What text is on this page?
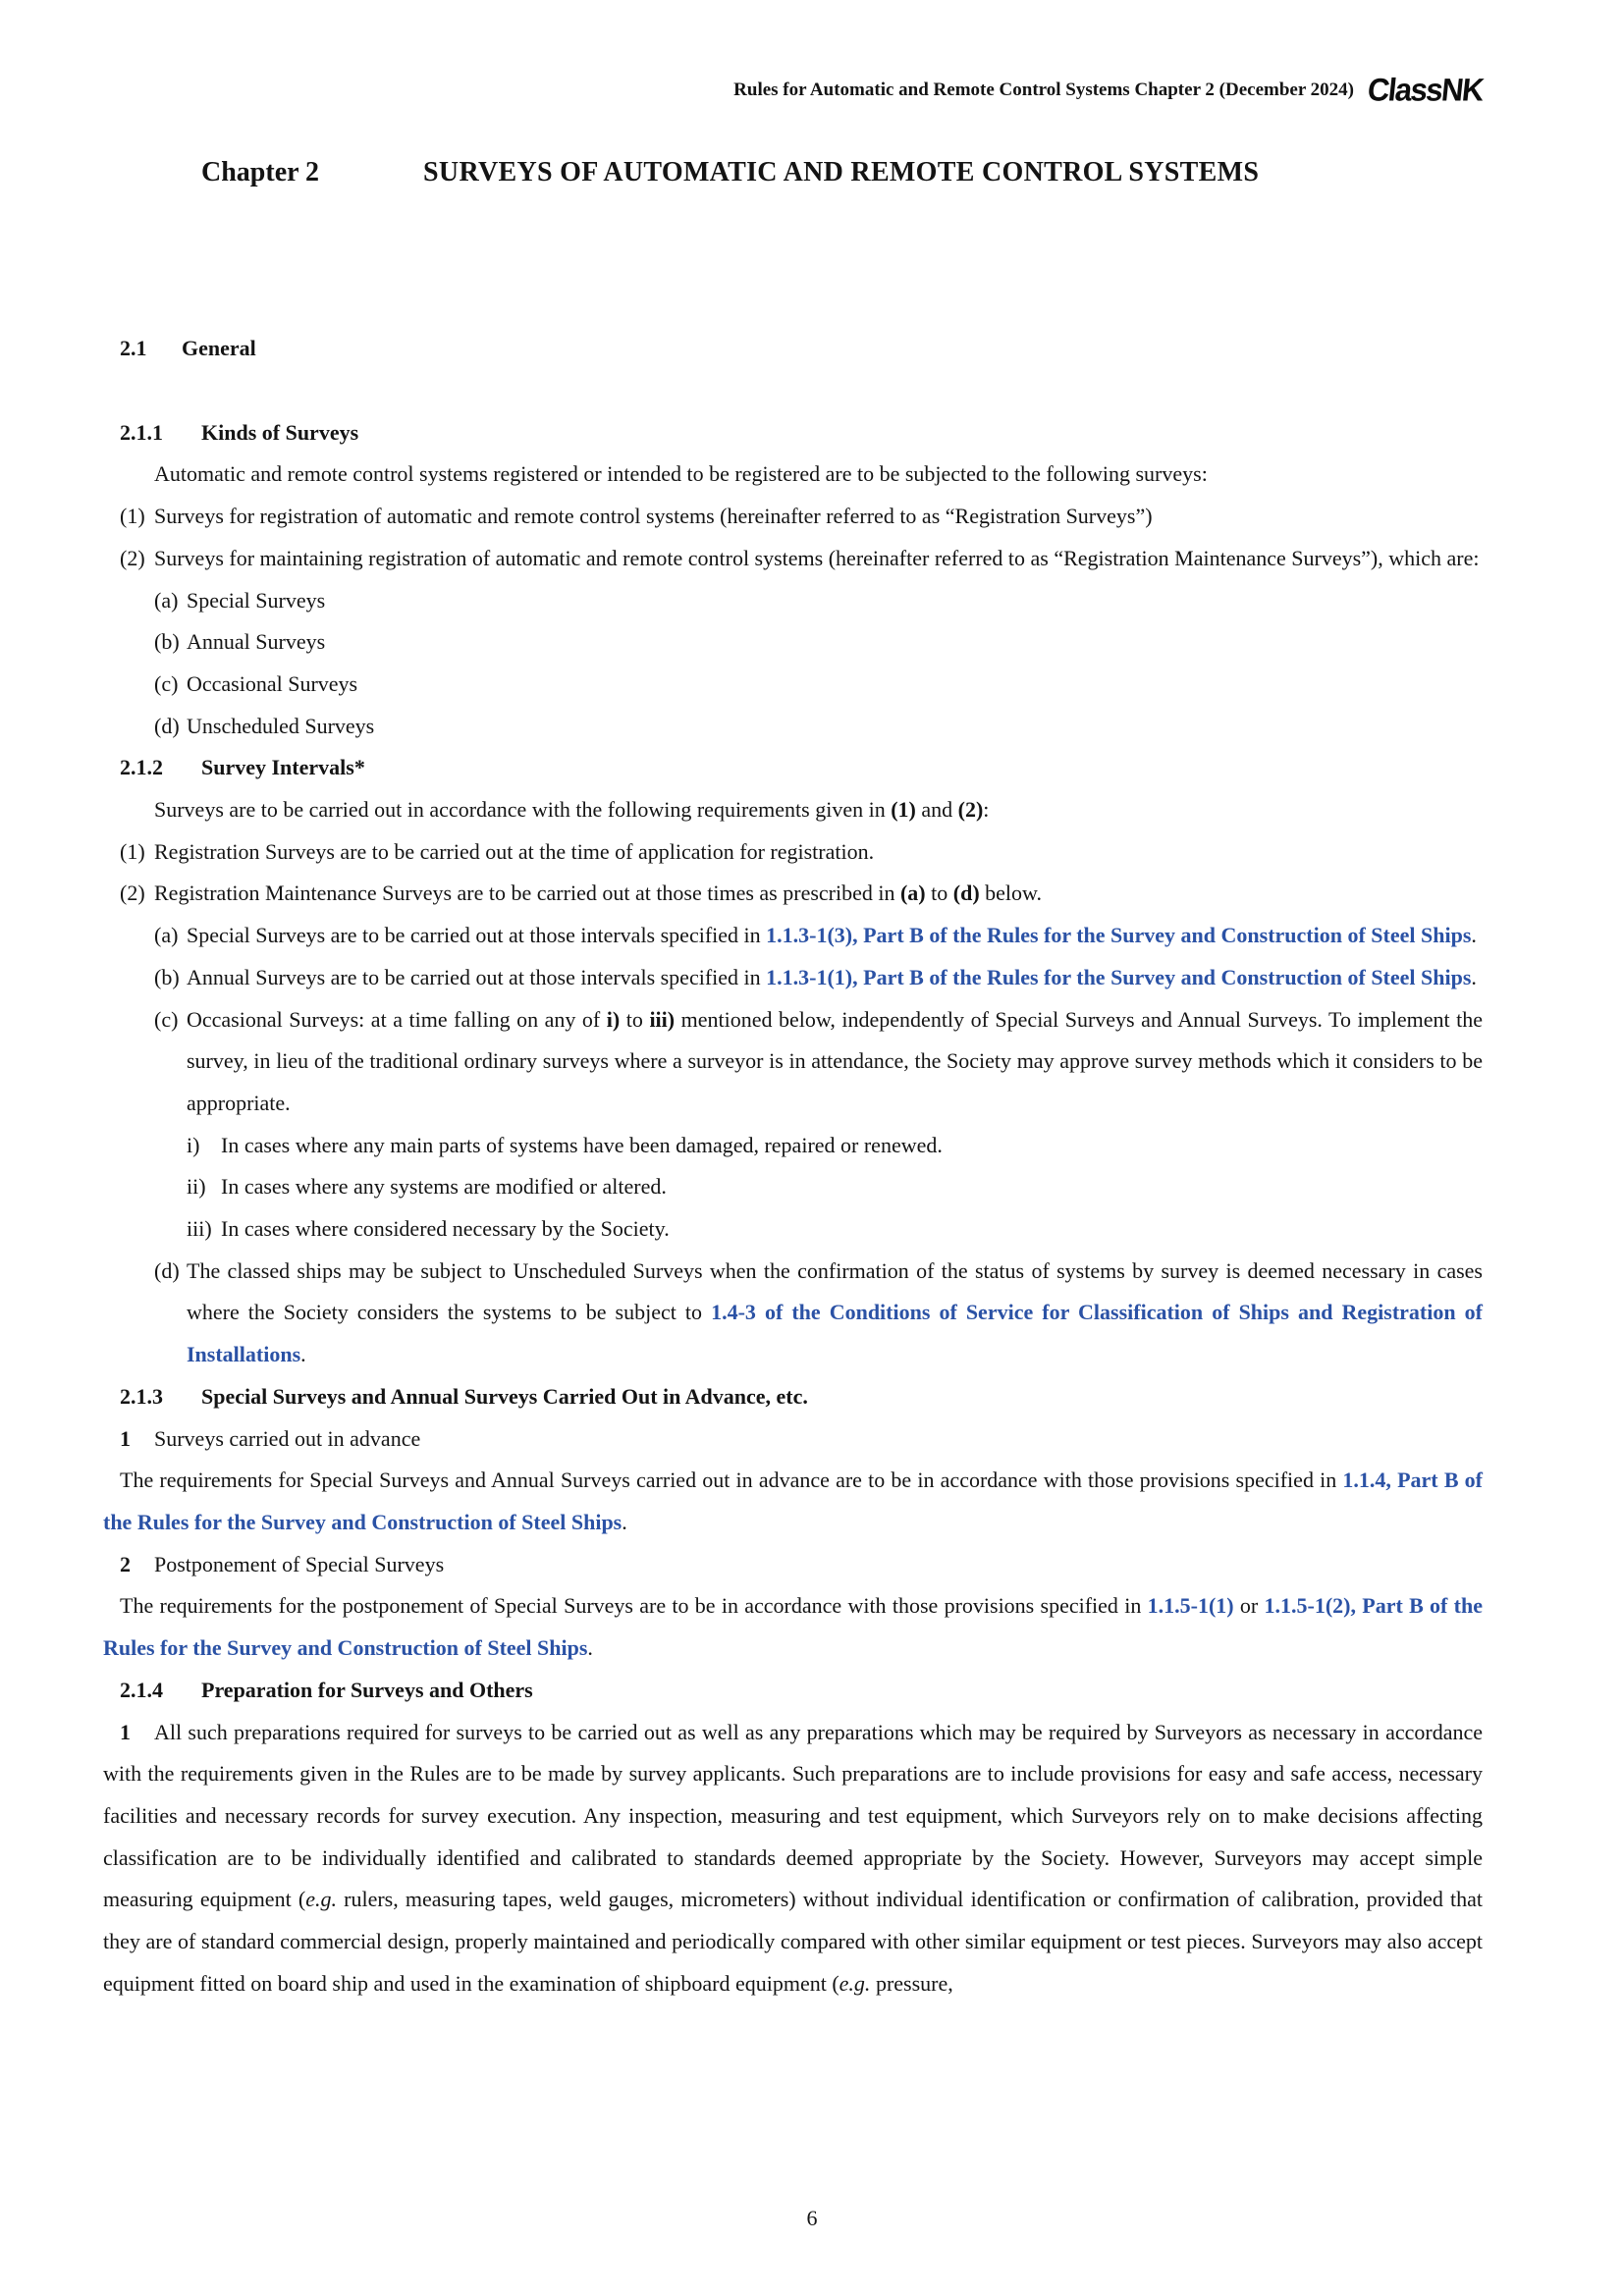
Rules for Automatic and Remote Control Systems Chapter 2 (December 2024) ClassNK
Chapter 2	SURVEYS OF AUTOMATIC AND REMOTE CONTROL SYSTEMS
2.1 General
2.1.1 Kinds of Surveys
Automatic and remote control systems registered or intended to be registered are to be subjected to the following surveys:
(1) Surveys for registration of automatic and remote control systems (hereinafter referred to as “Registration Surveys”)
(2) Surveys for maintaining registration of automatic and remote control systems (hereinafter referred to as “Registration Maintenance Surveys”), which are:
(a) Special Surveys
(b) Annual Surveys
(c) Occasional Surveys
(d) Unscheduled Surveys
2.1.2 Survey Intervals*
Surveys are to be carried out in accordance with the following requirements given in (1) and (2):
(1) Registration Surveys are to be carried out at the time of application for registration.
(2) Registration Maintenance Surveys are to be carried out at those times as prescribed in (a) to (d) below.
(a) Special Surveys are to be carried out at those intervals specified in 1.1.3-1(3), Part B of the Rules for the Survey and Construction of Steel Ships.
(b) Annual Surveys are to be carried out at those intervals specified in 1.1.3-1(1), Part B of the Rules for the Survey and Construction of Steel Ships.
(c) Occasional Surveys: at a time falling on any of i) to iii) mentioned below, independently of Special Surveys and Annual Surveys. To implement the survey, in lieu of the traditional ordinary surveys where a surveyor is in attendance, the Society may approve survey methods which it considers to be appropriate.
i) In cases where any main parts of systems have been damaged, repaired or renewed.
ii) In cases where any systems are modified or altered.
iii) In cases where considered necessary by the Society.
(d) The classed ships may be subject to Unscheduled Surveys when the confirmation of the status of systems by survey is deemed necessary in cases where the Society considers the systems to be subject to 1.4-3 of the Conditions of Service for Classification of Ships and Registration of Installations.
2.1.3 Special Surveys and Annual Surveys Carried Out in Advance, etc.
1 Surveys carried out in advance
The requirements for Special Surveys and Annual Surveys carried out in advance are to be in accordance with those provisions specified in 1.1.4, Part B of the Rules for the Survey and Construction of Steel Ships.
2 Postponement of Special Surveys
The requirements for the postponement of Special Surveys are to be in accordance with those provisions specified in 1.1.5-1(1) or 1.1.5-1(2), Part B of the Rules for the Survey and Construction of Steel Ships.
2.1.4 Preparation for Surveys and Others
1 All such preparations required for surveys to be carried out as well as any preparations which may be required by Surveyors as necessary in accordance with the requirements given in the Rules are to be made by survey applicants. Such preparations are to include provisions for easy and safe access, necessary facilities and necessary records for survey execution. Any inspection, measuring and test equipment, which Surveyors rely on to make decisions affecting classification are to be individually identified and calibrated to standards deemed appropriate by the Society. However, Surveyors may accept simple measuring equipment (e.g. rulers, measuring tapes, weld gauges, micrometers) without individual identification or confirmation of calibration, provided that they are of standard commercial design, properly maintained and periodically compared with other similar equipment or test pieces. Surveyors may also accept equipment fitted on board ship and used in the examination of shipboard equipment (e.g. pressure,
6
